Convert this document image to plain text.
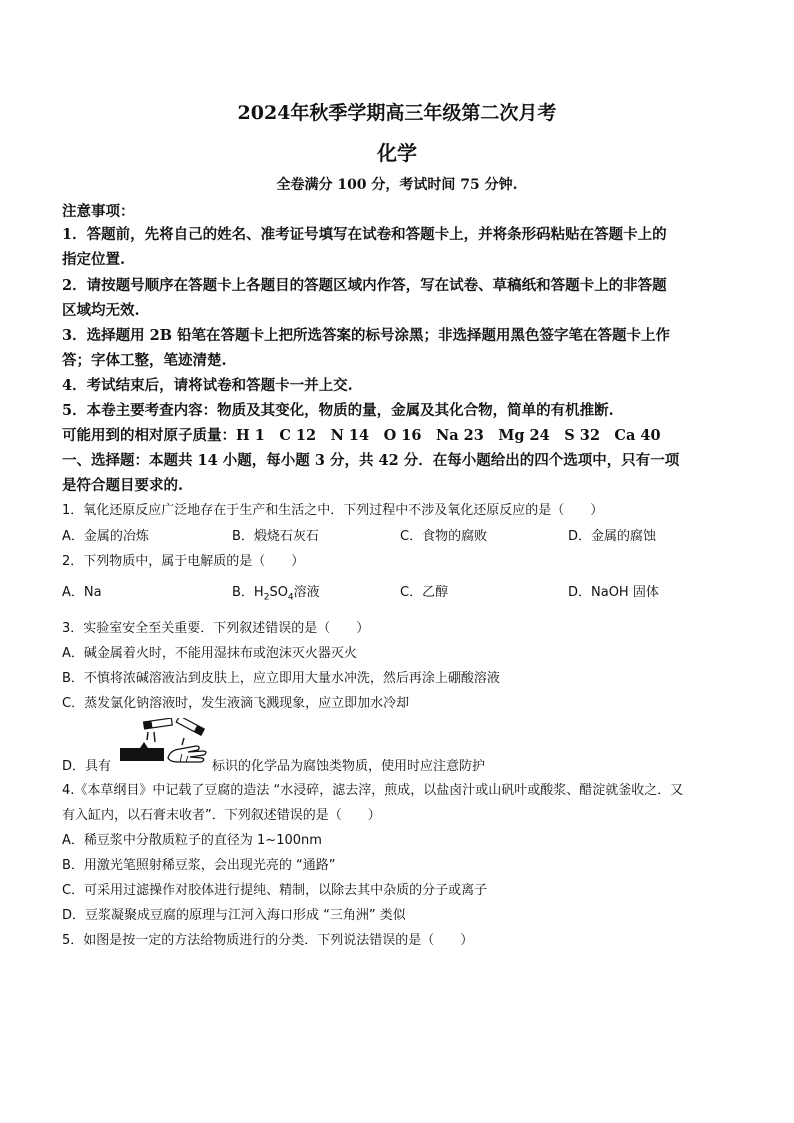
2024年秋季学期高三年级第二次月考
化学
全卷满分 100 分，考试时间 75 分钟.
注意事项：
1．答题前，先将自己的姓名、准考证号填写在试卷和答题卡上，并将条形码粘贴在答题卡上的
指定位置.
2．请按题号顺序在答题卡上各题目的答题区域内作答，写在试卷、草稿纸和答题卡上的非答题
区域均无效.
3．选择题用 2B 铅笔在答题卡上把所选答案的标号涂黑；非选择题用黑色签字笔在答题卡上作
答；字体工整，笔迹清楚.
4．考试结束后，请将试卷和答题卡一并上交.
5．本卷主要考查内容：物质及其变化，物质的量，金属及其化合物，简单的有机推断.
可能用到的相对原子质量：H 1　C 12　N 14　O 16　Na 23　Mg 24　S 32　Ca 40
一、选择题：本题共 14 小题，每小题 3 分，共 42 分．在每小题给出的四个选项中，只有一项
是符合题目要求的.
1．氧化还原反应广泛地存在于生产和生活之中．下列过程中不涉及氧化还原反应的是（　　）
A．金属的冶炼	B．煅烧石灰石	C．食物的腐败	D．金属的腐蚀
2．下列物质中，属于电解质的是（　　）
A．Na	B．$H_2SO_4$溶液	C．乙醇	D．NaOH 固体
3．实验室安全至关重要．下列叙述错误的是（　　）
A．碱金属着火时，不能用湿抹布或泡沫灭火器灭火
B．不慎将浓碱溶液沾到皮肤上，应立即用大量水冲洗，然后再涂上硼酸溶液
C．蒸发氯化钠溶液时，发生液滴飞溅现象，应立即加水冷却
D．具有	标识的化学品为腐蚀类物质，使用时应注意防护
4.《本草纲目》中记载了豆腐的造法 “水浸碎，滤去滓，煎成，以盐卤汁或山矾叶或酸浆、醋淀就釜收之．又
有入缸内，以石膏末收者”．下列叙述错误的是（　　）
A．稀豆浆中分散质粒子的直径为 1~100nm
B．用激光笔照射稀豆浆，会出现光亮的 “通路”
C．可采用过滤操作对胶体进行提纯、精制，以除去其中杂质的分子或离子
D．豆浆凝聚成豆腐的原理与江河入海口形成 “三角洲” 类似
5．如图是按一定的方法给物质进行的分类．下列说法错误的是（　　）
